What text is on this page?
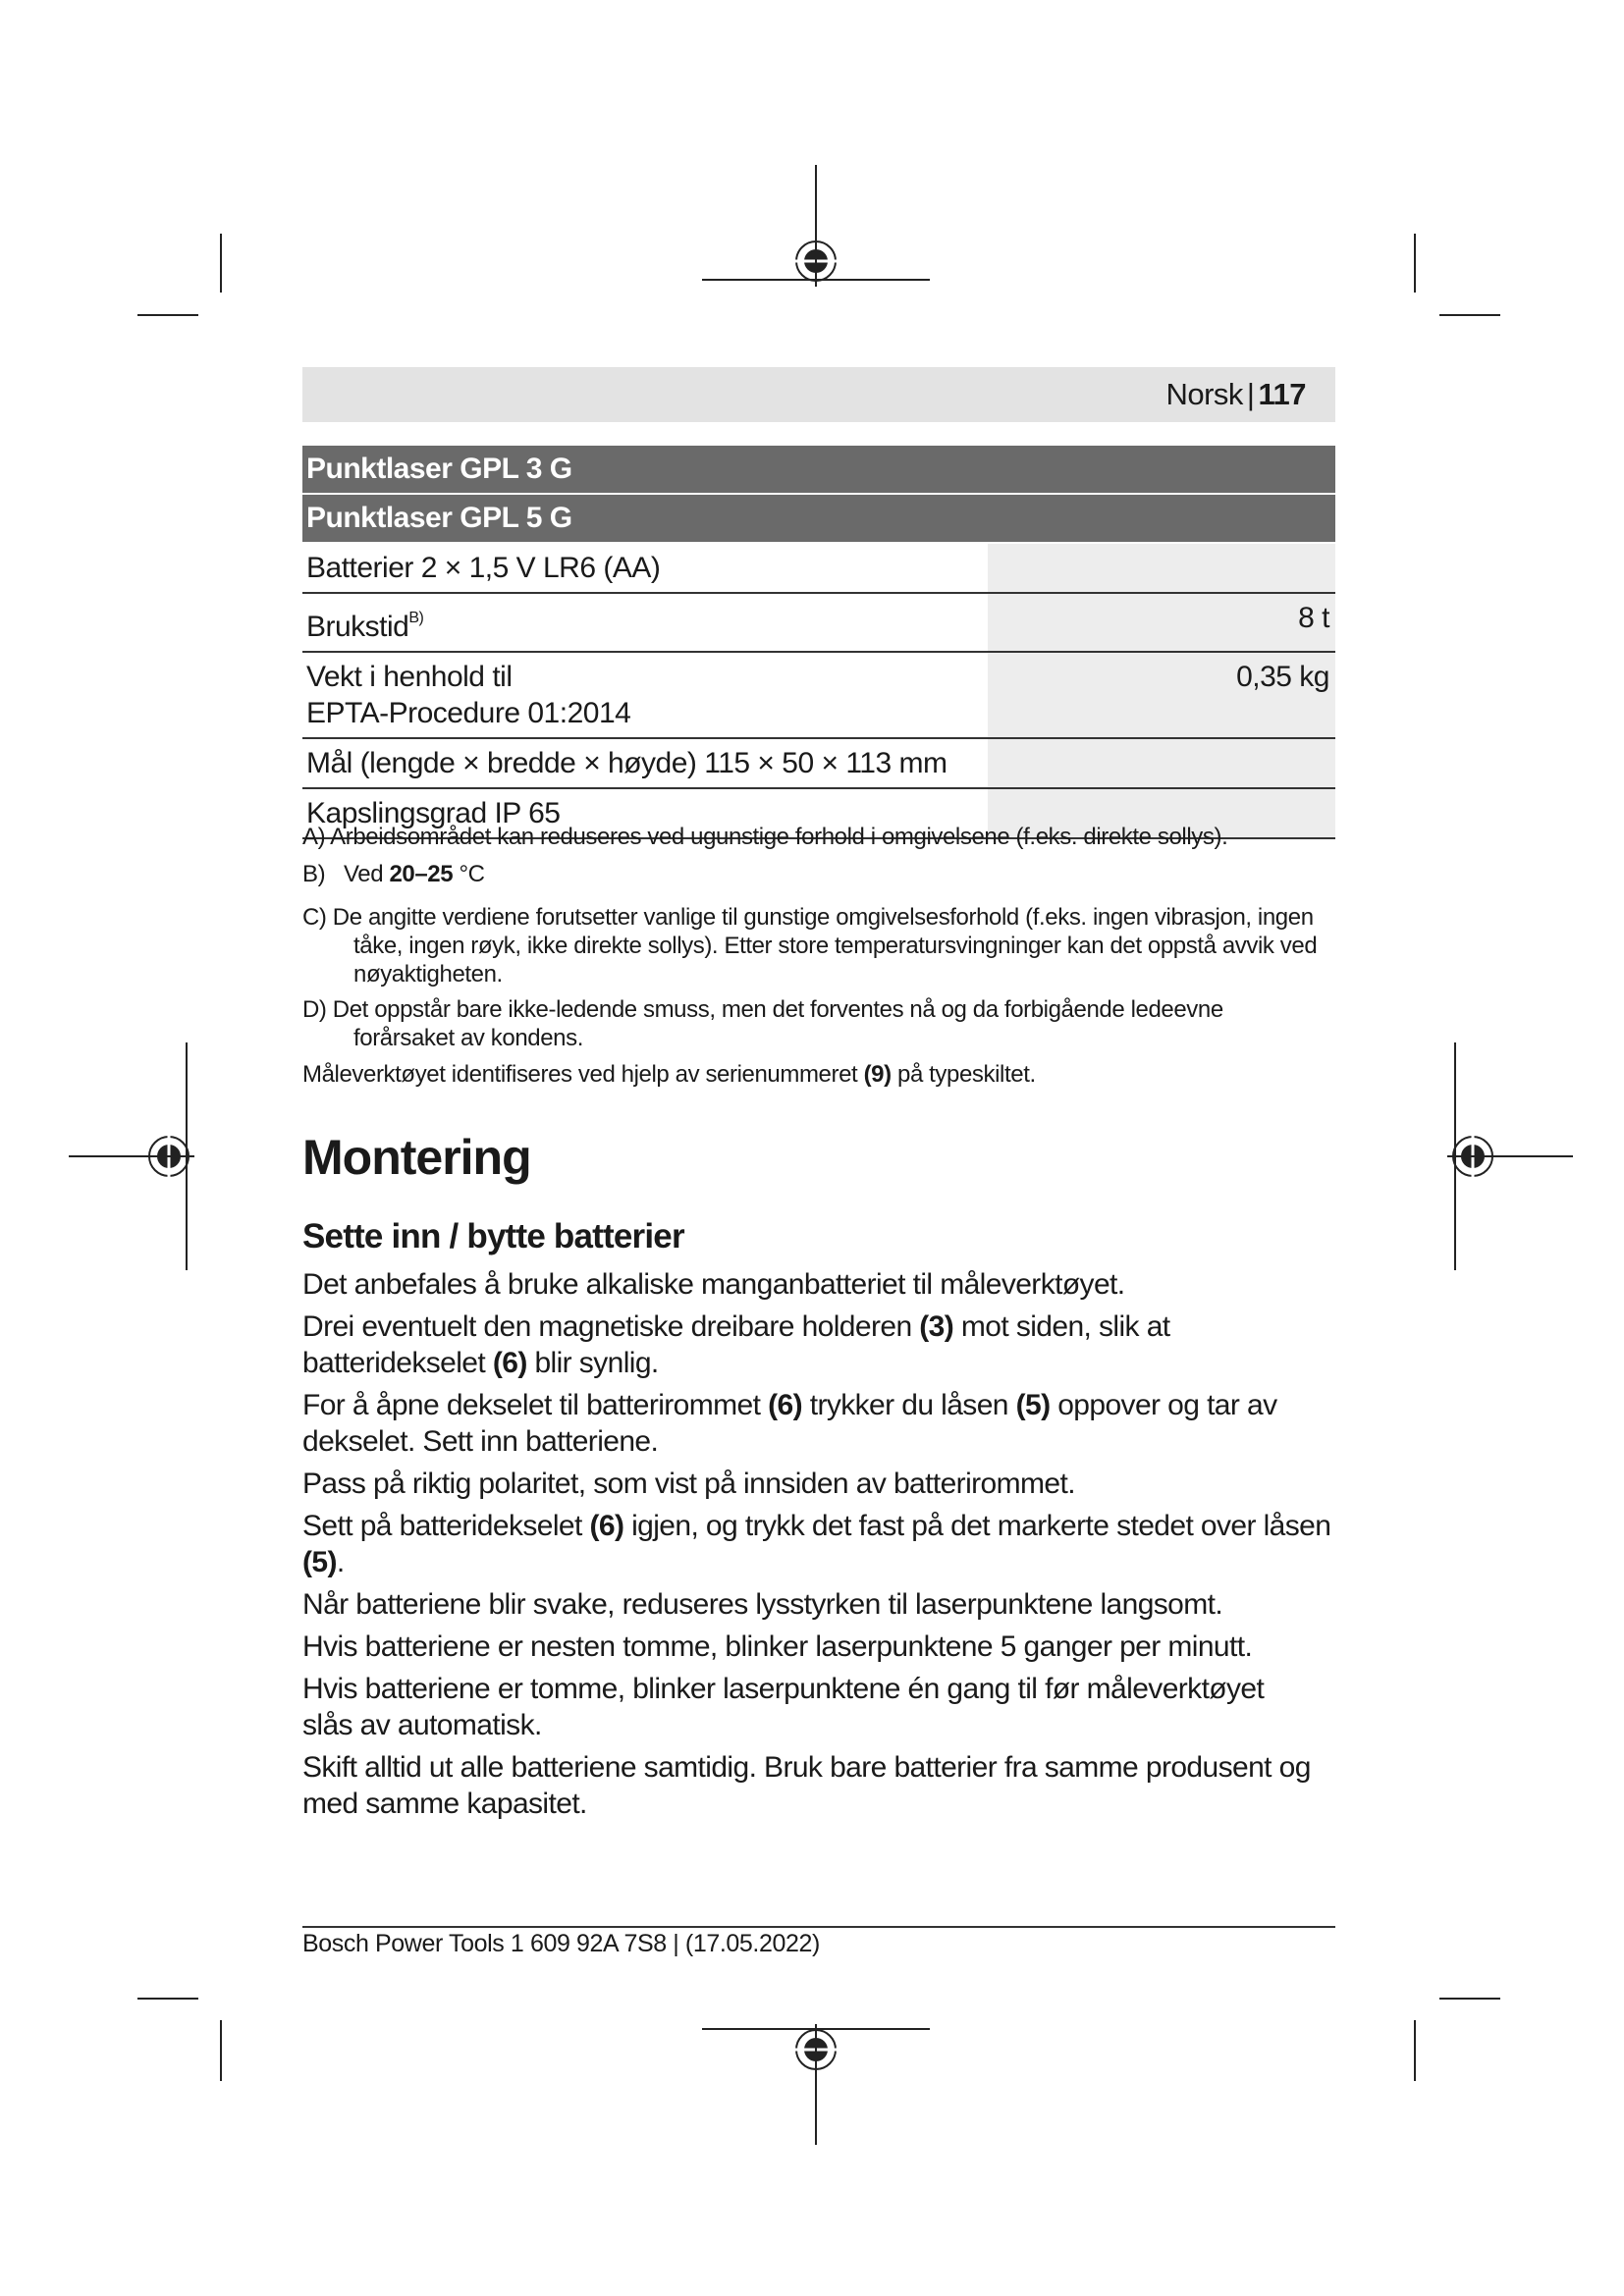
Norsk | 117
Punktlaser GPL 3 G
Punktlaser GPL 5 G
Batterier 2 × 1,5 V LR6 (AA)
Brukstid$^{B)}$	8 t
Vekt i henhold til
EPTA-Procedure 01:2014
0,35 kg
Mål (lengde × bredde × høyde) 115 × 50 × 113 mm
Kapslingsgrad IP 65
A) Arbeidsområdet kan reduseres ved ugunstige forhold i omgivelsene (f.eks. direkte sollys).
B) Ved 20–25 °C
C) De angitte verdiene forutsetter vanlige til gunstige omgivelsesforhold (f.eks. ingen vibrasjon, ingen tåke, ingen røyk, ikke direkte sollys). Etter store temperatursvingninger kan det oppstå avvik ved nøyaktigheten.
D) Det oppstår bare ikke-ledende smuss, men det forventes nå og da forbigående ledeevne forårsaket av kondens.
Måleverktøyet identifiseres ved hjelp av serienummeret (9) på typeskiltet.
Montering
Sette inn / bytte batterier

Det anbefales å bruke alkaliske manganbatteriet til måleverktøyet.

Drei eventuelt den magnetiske dreibare holderen (3) mot siden, slik at batteridekselet (6) blir synlig.

For å åpne dekselet til batterirommet (6) trykker du låsen (5) oppover og tar av dekselet. Sett inn batteriene.

Pass på riktig polaritet, som vist på innsiden av batterirommet.

Sett på batteridekselet (6) igjen, og trykk det fast på det markerte stedet over låsen (5).

Når batteriene blir svake, reduseres lysstyrken til laserpunktene langsomt.

Hvis batteriene er nesten tomme, blinker laserpunktene 5 ganger per minutt.

Hvis batteriene er tomme, blinker laserpunktene én gang til før måleverktøyet slås av automatisk.

Skift alltid ut alle batteriene samtidig. Bruk bare batterier fra samme produsent og med samme kapasitet.

Bosch Power Tools 1 609 92A 7S8 | (17.05.2022)
